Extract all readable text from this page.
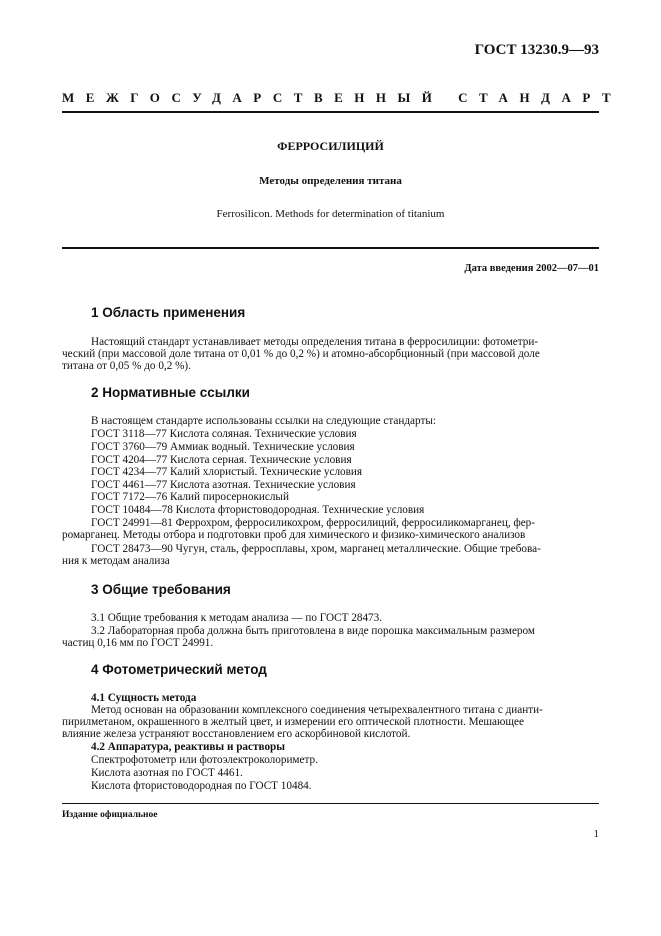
ГОСТ 13230.9—93
МЕЖГОСУДАРСТВЕННЫЙ СТАНДАРТ
ФЕРРОСИЛИЦИЙ
Методы определения титана
Ferrosilicon. Methods for determination of titanium
Дата введения 2002—07—01
1 Область применения
Настоящий стандарт устанавливает методы определения титана в ферросилиции: фотометри-
ческий (при массовой доле титана от 0,01 % до 0,2 %) и атомно-абсорбционный (при массовой доле
титана от 0,05 % до 0,2 %).
2 Нормативные ссылки
В настоящем стандарте использованы ссылки на следующие стандарты:
ГОСТ 3118—77 Кислота соляная. Технические условия
ГОСТ 3760—79 Аммиак водный. Технические условия
ГОСТ 4204—77 Кислота серная. Технические условия
ГОСТ 4234—77 Калий хлористый. Технические условия
ГОСТ 4461—77 Кислота азотная. Технические условия
ГОСТ 7172—76 Калий пиросернокислый
ГОСТ 10484—78 Кислота фтористоводородная. Технические условия
ГОСТ 24991—81 Феррохром, ферросиликохром, ферросилиций, ферросиликомарганец, фер-
ромарганец. Методы отбора и подготовки проб для химического и физико-химического анализов
ГОСТ 28473—90 Чугун, сталь, ферросплавы, хром, марганец металлические. Общие требова-
ния к методам анализа
3 Общие требования
3.1 Общие требования к методам анализа — по ГОСТ 28473.
3.2 Лабораторная проба должна быть приготовлена в виде порошка максимальным размером
частиц 0,16 мм по ГОСТ 24991.
4 Фотометрический метод
4.1 Сущность метода
Метод основан на образовании комплексного соединения четырехвалентного титана с дианти-
пирилметаном, окрашенного в желтый цвет, и измерении его оптической плотности. Мешающее
влияние железа устраняют восстановлением его аскорбиновой кислотой.
4.2 Аппаратура, реактивы и растворы
Спектрофотометр или фотоэлектроколориметр.
Кислота азотная по ГОСТ 4461.
Кислота фтористоводородная по ГОСТ 10484.
Издание официальное
1
